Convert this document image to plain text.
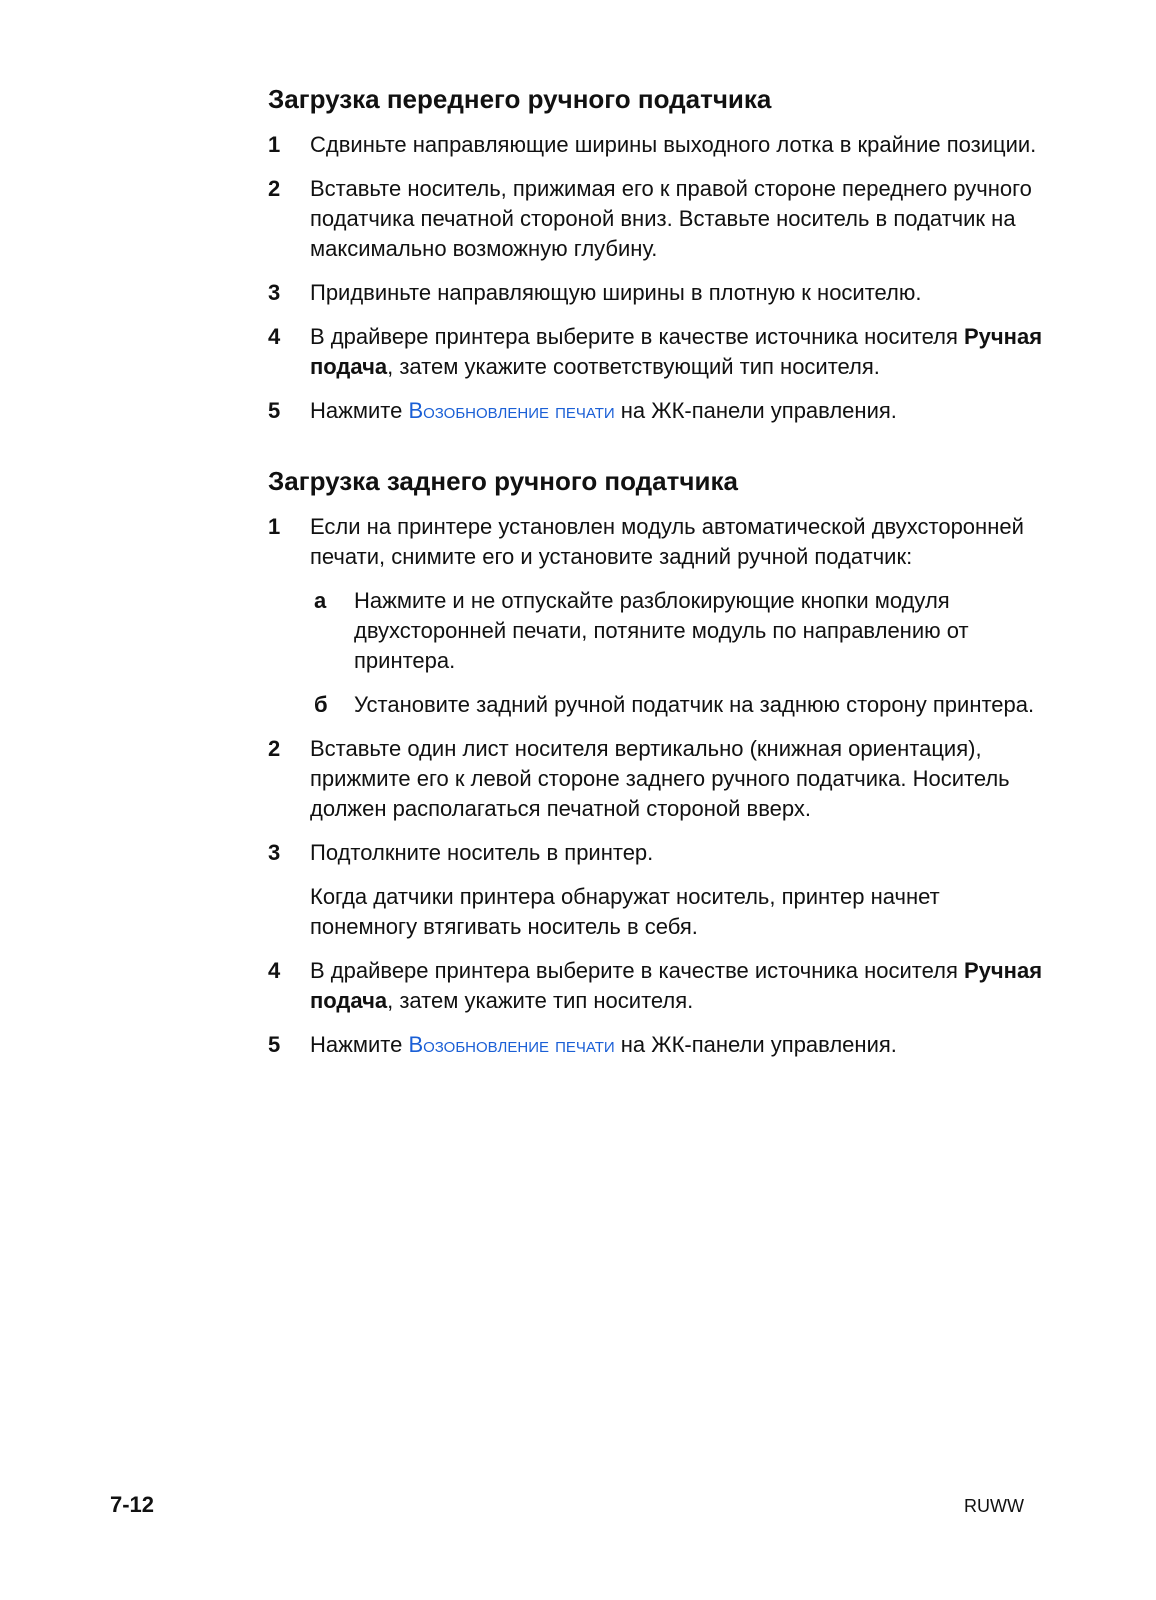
Загрузка переднего ручного податчика
1	Сдвиньте направляющие ширины выходного лотка в крайние позиции.
2	Вставьте носитель, прижимая его к правой стороне переднего ручного податчика печатной стороной вниз. Вставьте носитель в податчик на максимально возможную глубину.
3	Придвиньте направляющую ширины в плотную к носителю.
4	В драйвере принтера выберите в качестве источника носителя Ручная подача, затем укажите соответствующий тип носителя.
5	Нажмите Возобновление печати на ЖК-панели управления.
Загрузка заднего ручного податчика
1	Если на принтере установлен модуль автоматической двухсторонней печати, снимите его и установите задний ручной податчик:
а	Нажмите и не отпускайте разблокирующие кнопки модуля двухсторонней печати, потяните модуль по направлению от принтера.
б	Установите задний ручной податчик на заднюю сторону принтера.
2	Вставьте один лист носителя вертикально (книжная ориентация), прижмите его к левой стороне заднего ручного податчика. Носитель должен располагаться печатной стороной вверх.
3	Подтолкните носитель в принтер.
Когда датчики принтера обнаружат носитель, принтер начнет понемногу втягивать носитель в себя.
4	В драйвере принтера выберите в качестве источника носителя Ручная подача, затем укажите тип носителя.
5	Нажмите Возобновление печати на ЖК-панели управления.
7-12	RUWW
